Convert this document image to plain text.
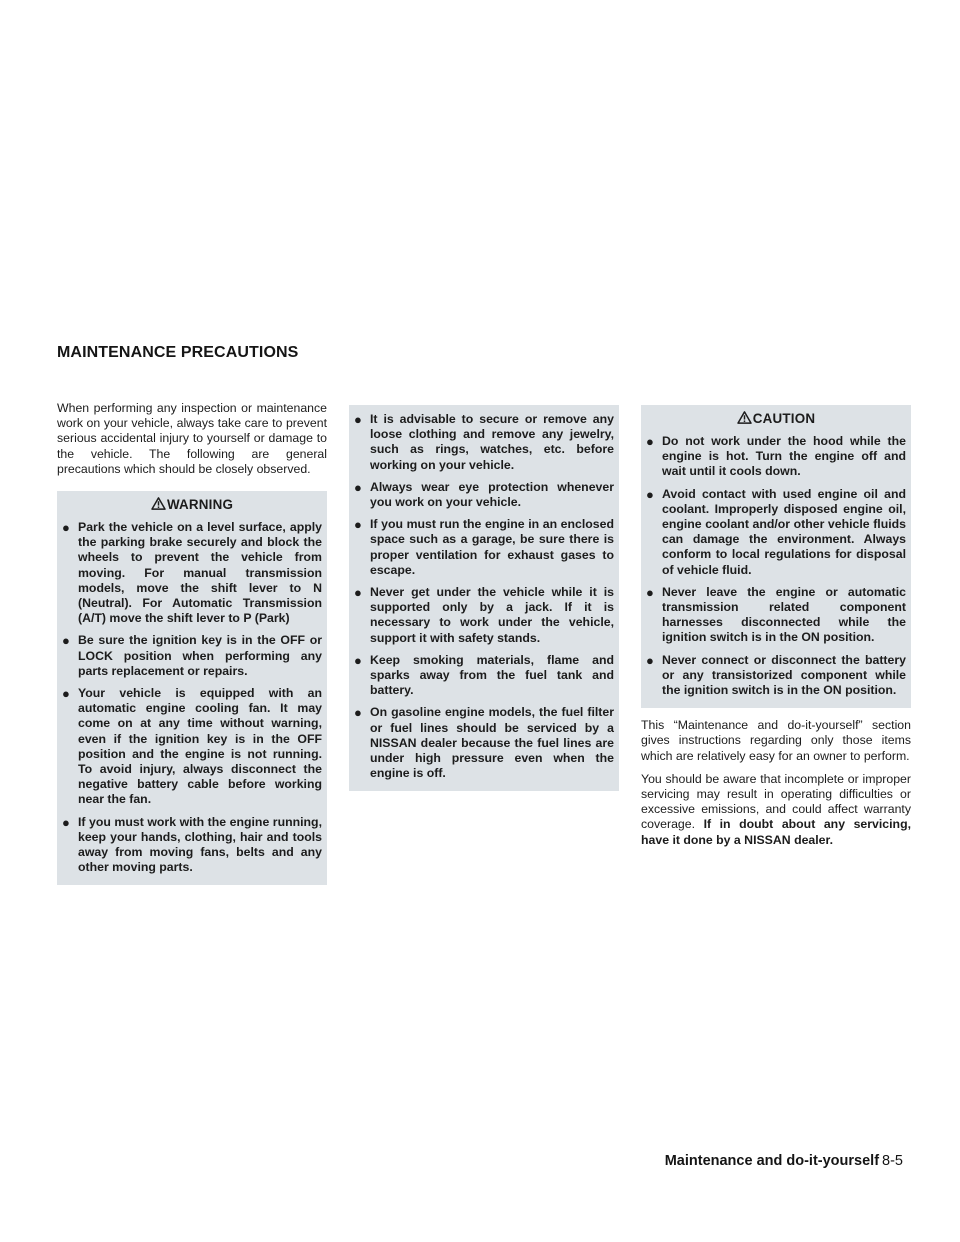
MAINTENANCE PRECAUTIONS

When performing any inspection or maintenance work on your vehicle, always take care to prevent serious accidental injury to yourself or damage to the vehicle. The following are general precautions which should be closely observed.

WARNING
● Park the vehicle on a level surface, apply the parking brake securely and block the wheels to prevent the vehicle from moving. For manual transmission models, move the shift lever to N (Neutral). For Automatic Transmission (A/T) move the shift lever to P (Park)
● Be sure the ignition key is in the OFF or LOCK position when performing any parts replacement or repairs.
● Your vehicle is equipped with an automatic engine cooling fan. It may come on at any time without warning, even if the ignition key is in the OFF position and the engine is not running. To avoid injury, always disconnect the negative battery cable before working near the fan.
● If you must work with the engine running, keep your hands, clothing, hair and tools away from moving fans, belts and any other moving parts.
● It is advisable to secure or remove any loose clothing and remove any jewelry, such as rings, watches, etc. before working on your vehicle.
● Always wear eye protection whenever you work on your vehicle.
● If you must run the engine in an enclosed space such as a garage, be sure there is proper ventilation for exhaust gases to escape.
● Never get under the vehicle while it is supported only by a jack. If it is necessary to work under the vehicle, support it with safety stands.
● Keep smoking materials, flame and sparks away from the fuel tank and battery.
● On gasoline engine models, the fuel filter or fuel lines should be serviced by a NISSAN dealer because the fuel lines are under high pressure even when the engine is off.
CAUTION
● Do not work under the hood while the engine is hot. Turn the engine off and wait until it cools down.
● Avoid contact with used engine oil and coolant. Improperly disposed engine oil, engine coolant and/or other vehicle fluids can damage the environment. Always conform to local regulations for disposal of vehicle fluid.
● Never leave the engine or automatic transmission related component harnesses disconnected while the ignition switch is in the ON position.
● Never connect or disconnect the battery or any transistorized component while the ignition switch is in the ON position.

This “Maintenance and do-it-yourself” section gives instructions regarding only those items which are relatively easy for an owner to perform.

You should be aware that incomplete or improper servicing may result in operating difficulties or excessive emissions, and could affect warranty coverage. If in doubt about any servicing, have it done by a NISSAN dealer.

Maintenance and do-it-yourself 8-5
